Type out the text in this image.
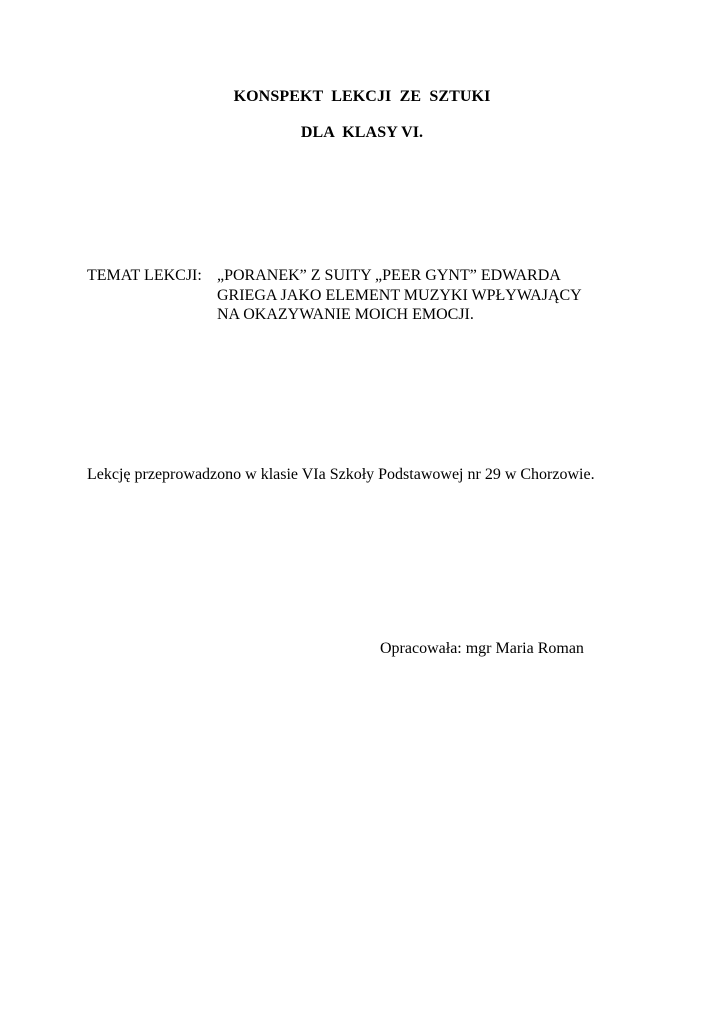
KONSPEKT  LEKCJI  ZE  SZTUKI
DLA  KLASY VI.
TEMAT LEKCJI: „PORANEK” Z SUITY „PEER GYNT” EDWARDA
GRIEGA JAKO ELEMENT MUZYKI WPŁYWAJĄCY
NA OKAZYWANIE MOICH EMOCJI.
Lekcję przeprowadzono w klasie VIa Szkoły Podstawowej nr 29 w Chorzowie.
Opracowała: mgr Maria Roman
